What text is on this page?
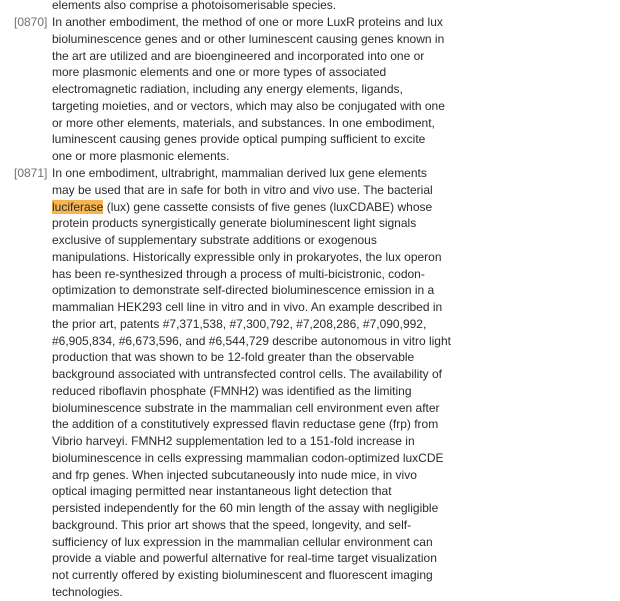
elements also comprise a photoisomerisable species.
[0870] In another embodiment, the method of one or more LuxR proteins and lux
bioluminescence genes and or other luminescent causing genes known in
the art are utilized and are bioengineered and incorporated into one or
more plasmonic elements and one or more types of associated
electromagnetic radiation, including any energy elements, ligands,
targeting moieties, and or vectors, which may also be conjugated with one
or more other elements, materials, and substances. In one embodiment,
luminescent causing genes provide optical pumping sufficient to excite
one or more plasmonic elements.
[0871] In one embodiment, ultrabright, mammalian derived lux gene elements
may be used that are in safe for both in vitro and vivo use. The bacterial
luciferase (lux) gene cassette consists of five genes (luxCDABE) whose
protein products synergistically generate bioluminescent light signals
exclusive of supplementary substrate additions or exogenous
manipulations. Historically expressible only in prokaryotes, the lux operon
has been re-synthesized through a process of multi-bicistronic, codon-
optimization to demonstrate self-directed bioluminescence emission in a
mammalian HEK293 cell line in vitro and in vivo. An example described in
the prior art, patents #7,371,538, #7,300,792, #7,208,286, #7,090,992,
#6,905,834, #6,673,596, and #6,544,729 describe autonomous in vitro light
production that was shown to be 12-fold greater than the observable
background associated with untransfected control cells. The availability of
reduced riboflavin phosphate (FMNH2) was identified as the limiting
bioluminescence substrate in the mammalian cell environment even after
the addition of a constitutively expressed flavin reductase gene (frp) from
Vibrio harveyi. FMNH2 supplementation led to a 151-fold increase in
bioluminescence in cells expressing mammalian codon-optimized luxCDE
and frp genes. When injected subcutaneously into nude mice, in vivo
optical imaging permitted near instantaneous light detection that
persisted independently for the 60 min length of the assay with negligible
background. This prior art shows that the speed, longevity, and self-
sufficiency of lux expression in the mammalian cellular environment can
provide a viable and powerful alternative for real-time target visualization
not currently offered by existing bioluminescent and fluorescent imaging
technologies.
